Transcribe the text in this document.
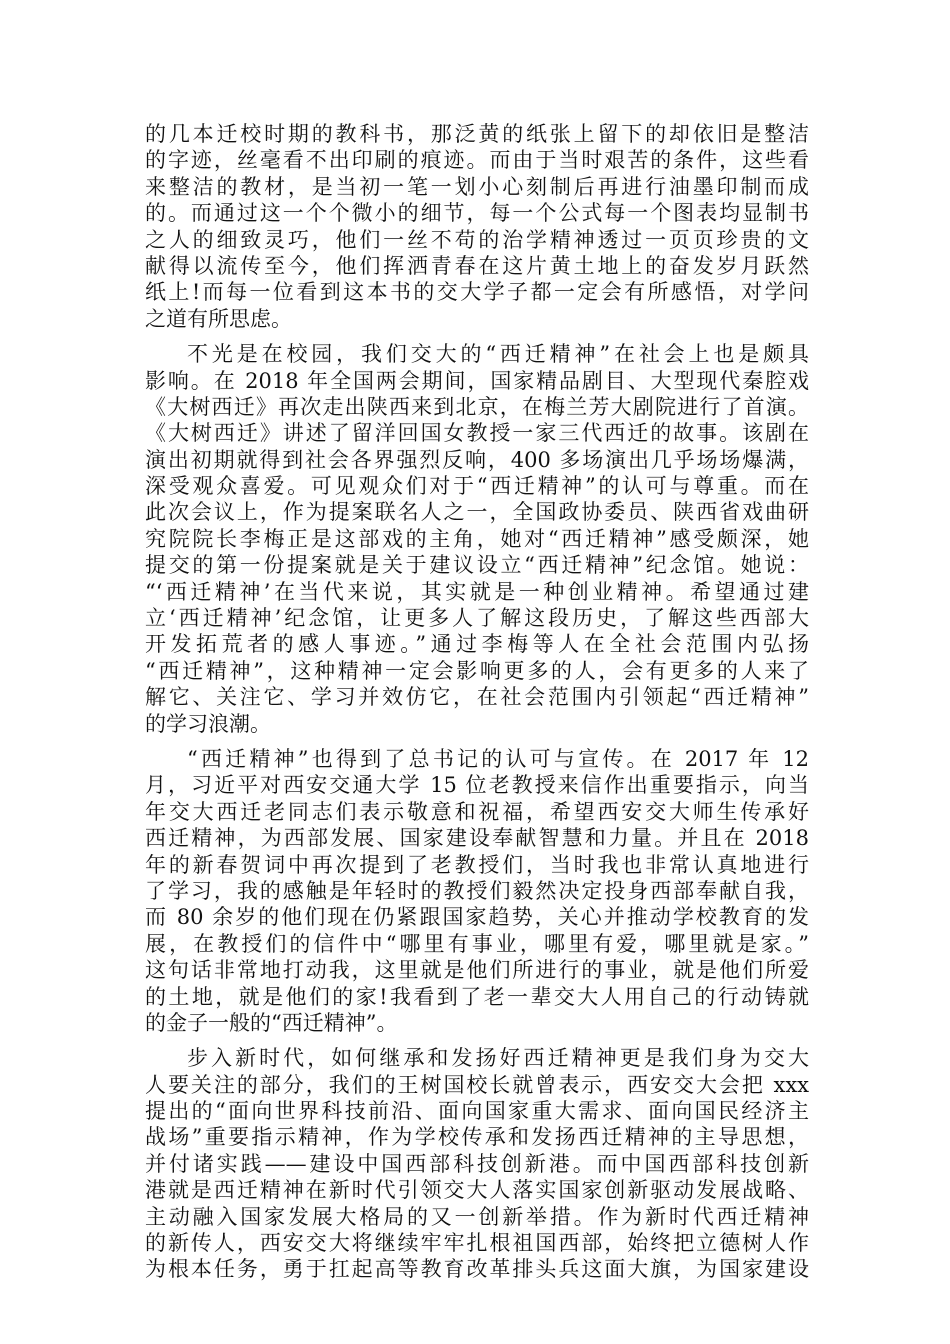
的几本迁校时期的教科书，那泛黄的纸张上留下的却依旧是整洁
的字迹，丝毫看不出印刷的痕迹。而由于当时艰苦的条件，这些看
来整洁的教材，是当初一笔一划小心刻制后再进行油墨印制而成
的。而通过这一个个微小的细节，每一个公式每一个图表均显制书
之人的细致灵巧，他们一丝不苟的治学精神透过一页页珍贵的文
献得以流传至今，他们挥洒青春在这片黄土地上的奋发岁月跃然
纸上!而每一位看到这本书的交大学子都一定会有所感悟，对学问
之道有所思虑。
不光是在校园，我们交大的“西迁精神”在社会上也是颇具
影响。在 2018 年全国两会期间，国家精品剧目、大型现代秦腔戏
《大树西迁》再次走出陕西来到北京，在梅兰芳大剧院进行了首演。
《大树西迁》讲述了留洋回国女教授一家三代西迁的故事。该剧在
演出初期就得到社会各界强烈反响，400 多场演出几乎场场爆满，
深受观众喜爱。可见观众们对于“西迁精神”的认可与尊重。而在
此次会议上，作为提案联名人之一，全国政协委员、陕西省戏曲研
究院院长李梅正是这部戏的主角，她对“西迁精神”感受颇深，她
提交的第一份提案就是关于建议设立“西迁精神”纪念馆。她说：
“‘西迁精神’在当代来说，其实就是一种创业精神。希望通过建
立‘西迁精神’纪念馆，让更多人了解这段历史，了解这些西部大
开发拓荒者的感人事迹。”通过李梅等人在全社会范围内弘扬
“西迁精神”，这种精神一定会影响更多的人，会有更多的人来了
解它、关注它、学习并效仿它，在社会范围内引领起“西迁精神”
的学习浪潮。
“西迁精神”也得到了总书记的认可与宣传。在 2017 年 12
月，习近平对西安交通大学 15 位老教授来信作出重要指示，向当
年交大西迁老同志们表示敬意和祝福，希望西安交大师生传承好
西迁精神，为西部发展、国家建设奉献智慧和力量。并且在 2018
年的新春贺词中再次提到了老教授们，当时我也非常认真地进行
了学习，我的感触是年轻时的教授们毅然决定投身西部奉献自我，
而 80 余岁的他们现在仍紧跟国家趋势，关心并推动学校教育的发
展，在教授们的信件中“哪里有事业，哪里有爱，哪里就是家。”
这句话非常地打动我，这里就是他们所进行的事业，就是他们所爱
的土地，就是他们的家!我看到了老一辈交大人用自己的行动铸就
的金子一般的“西迁精神”。
步入新时代，如何继承和发扬好西迁精神更是我们身为交大
人要关注的部分，我们的王树国校长就曾表示，西安交大会把 xxx
提出的“面向世界科技前沿、面向国家重大需求、面向国民经济主
战场”重要指示精神，作为学校传承和发扬西迁精神的主导思想，
并付诸实践——建设中国西部科技创新港。而中国西部科技创新
港就是西迁精神在新时代引领交大人落实国家创新驱动发展战略、
主动融入国家发展大格局的又一创新举措。作为新时代西迁精神
的新传人，西安交大将继续牢牢扎根祖国西部，始终把立德树人作
为根本任务，勇于扛起高等教育改革排头兵这面大旗，为国家建设
